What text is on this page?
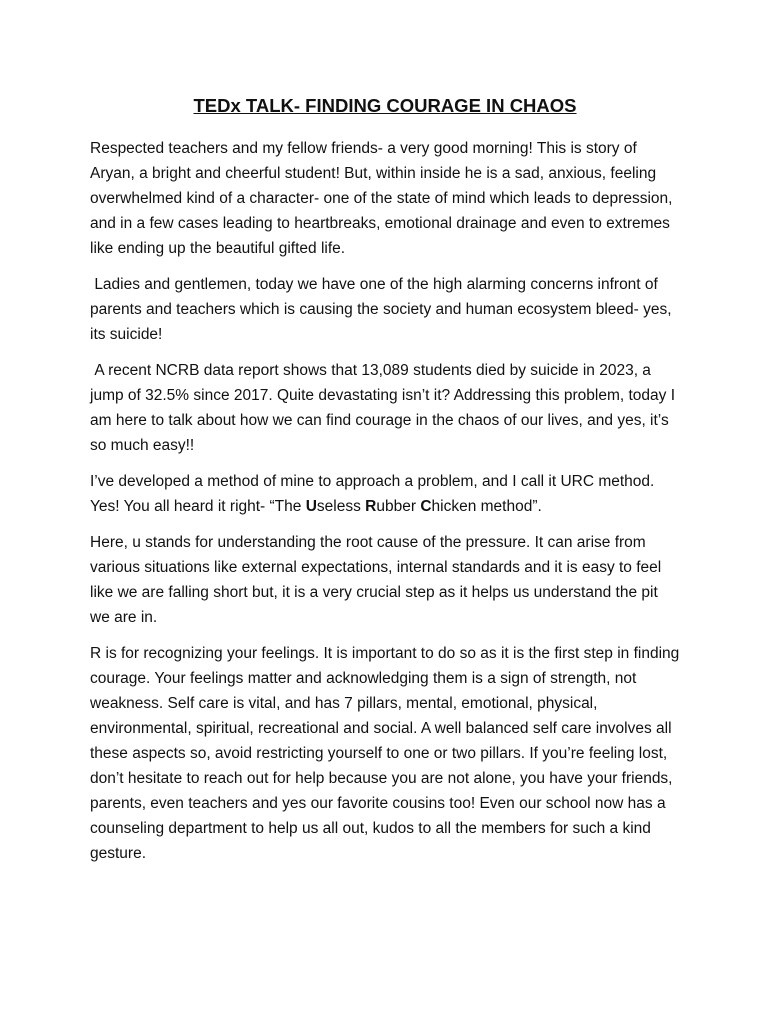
TEDx TALK- FINDING COURAGE IN CHAOS

Respected teachers and my fellow friends- a very good morning! This is story of Aryan, a bright and cheerful student! But, within inside he is a sad, anxious, feeling overwhelmed kind of a character- one of the state of mind which leads to depression, and in a few cases leading to heartbreaks, emotional drainage and even to extremes like ending up the beautiful gifted life.

Ladies and gentlemen, today we have one of the high alarming concerns infront of parents and teachers which is causing the society and human ecosystem bleed- yes, its suicide!

A recent NCRB data report shows that 13,089 students died by suicide in 2023, a jump of 32.5% since 2017. Quite devastating isn’t it? Addressing this problem, today I am here to talk about how we can find courage in the chaos of our lives, and yes, it’s so much easy!!

I’ve developed a method of mine to approach a problem, and I call it URC method. Yes! You all heard it right- “The Useless Rubber Chicken method”.

Here, u stands for understanding the root cause of the pressure. It can arise from various situations like external expectations, internal standards and it is easy to feel like we are falling short but, it is a very crucial step as it helps us understand the pit we are in.

R is for recognizing your feelings. It is important to do so as it is the first step in finding courage. Your feelings matter and acknowledging them is a sign of strength, not weakness. Self care is vital, and has 7 pillars, mental, emotional, physical, environmental, spiritual, recreational and social. A well balanced self care involves all these aspects so, avoid restricting yourself to one or two pillars. If you’re feeling lost, don’t hesitate to reach out for help because you are not alone, you have your friends, parents, even teachers and yes our favorite cousins too! Even our school now has a counseling department to help us all out, kudos to all the members for such a kind gesture.
